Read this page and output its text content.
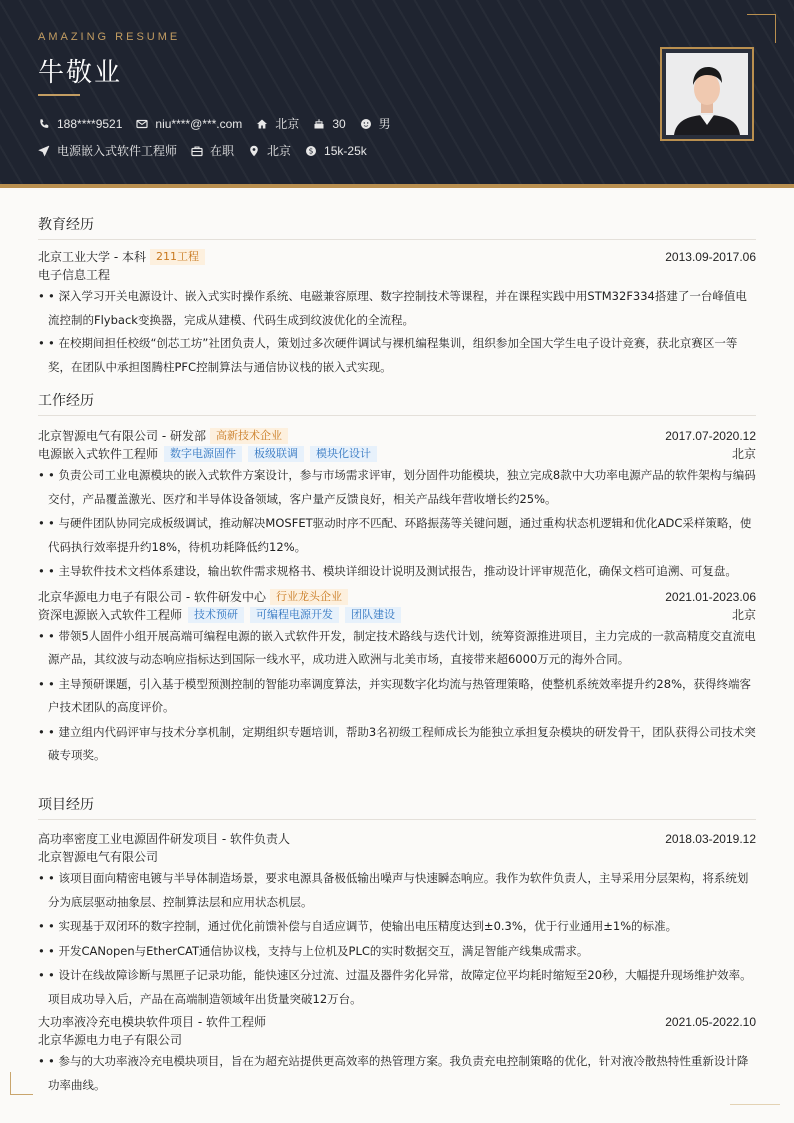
AMAZING RESUME
牛敬业
188****9521	niu****@***.com	北京	30	男
电源嵌入式软件工程师	在职	北京 $ 15k-25k
教育经历
北京工业大学 - 本科 211工程	2013.09-2017.06
电子信息工程
• • 深入学习开关电源设计、嵌入式实时操作系统、电磁兼容原理、数字控制技术等课程，并在课程实践中用STM32F334搭建了一台峰值电流控制的Flyback变换器，完成从建模、代码生成到纹波优化的全流程。
• • 在校期间担任校级“创芯工坊”社团负责人，策划过多次硬件调试与裸机编程集训，组织参加全国大学生电子设计竞赛，获北京赛区一等奖，在团队中承担图腾柱PFC控制算法与通信协议栈的嵌入式实现。
工作经历
北京智源电气有限公司 - 研发部 高新技术企业	2017.07-2020.12
电源嵌入式软件工程师	数字电源固件	板级联调	模块化设计	北京
• • 负责公司工业电源模块的嵌入式软件方案设计，参与市场需求评审，划分固件功能模块，独立完成8款中大功率电源产品的软件架构与编码交付，产品覆盖激光、医疗和半导体设备领域，客户量产反馈良好，相关产品线年营收增长约25%。
• • 与硬件团队协同完成板级调试，推动解决MOSFET驱动时序不匹配、环路振荡等关键问题，通过重构状态机逻辑和优化ADC采样策略，使代码执行效率提升约18%，待机功耗降低约12%。
• • 主导软件技术文档体系建设，输出软件需求规格书、模块详细设计说明及测试报告，推动设计评审规范化，确保文档可追溯、可复盘。
北京华源电力电子有限公司 - 软件研发中心 行业龙头企业	2021.01-2023.06
资深电源嵌入式软件工程师	技术预研	可编程电源开发	团队建设	北京
• • 带领5人固件小组开展高端可编程电源的嵌入式软件开发，制定技术路线与迭代计划，统筹资源推进项目，主力完成的一款高精度交直流电源产品，其纹波与动态响应指标达到国际一线水平，成功进入欧洲与北美市场，直接带来超6000万元的海外合同。
• • 主导预研课题，引入基于模型预测控制的智能功率调度算法，并实现数字化均流与热管理策略，使整机系统效率提升约28%，获得终端客户技术团队的高度评价。
• • 建立组内代码评审与技术分享机制，定期组织专题培训，帮助3名初级工程师成长为能独立承担复杂模块的研发骨干，团队获得公司技术突破专项奖。
项目经历
高功率密度工业电源固件研发项目 - 软件负责人	2018.03-2019.12
北京智源电气有限公司
• • 该项目面向精密电镀与半导体制造场景，要求电源具备极低输出噪声与快速瞬态响应。我作为软件负责人，主导采用分层架构，将系统划分为底层驱动抽象层、控制算法层和应用状态机层。
• • 实现基于双闭环的数字控制，通过优化前馈补偿与自适应调节，使输出电压精度达到±0.3%，优于行业通用±1%的标准。
• • 开发CANopen与EtherCAT通信协议栈，支持与上位机及PLC的实时数据交互，满足智能产线集成需求。
• • 设计在线故障诊断与黑匣子记录功能，能快速区分过流、过温及器件劣化异常，故障定位平均耗时缩短至20秒，大幅提升现场维护效率。项目成功导入后，产品在高端制造领域年出货量突破12万台。
大功率液冷充电模块软件项目 - 软件工程师	2021.05-2022.10
北京华源电力电子有限公司
• • 参与的大功率液冷充电模块项目，旨在为超充站提供更高效率的热管理方案。我负责充电控制策略的优化，针对液冷散热特性重新设计降功率曲线。
